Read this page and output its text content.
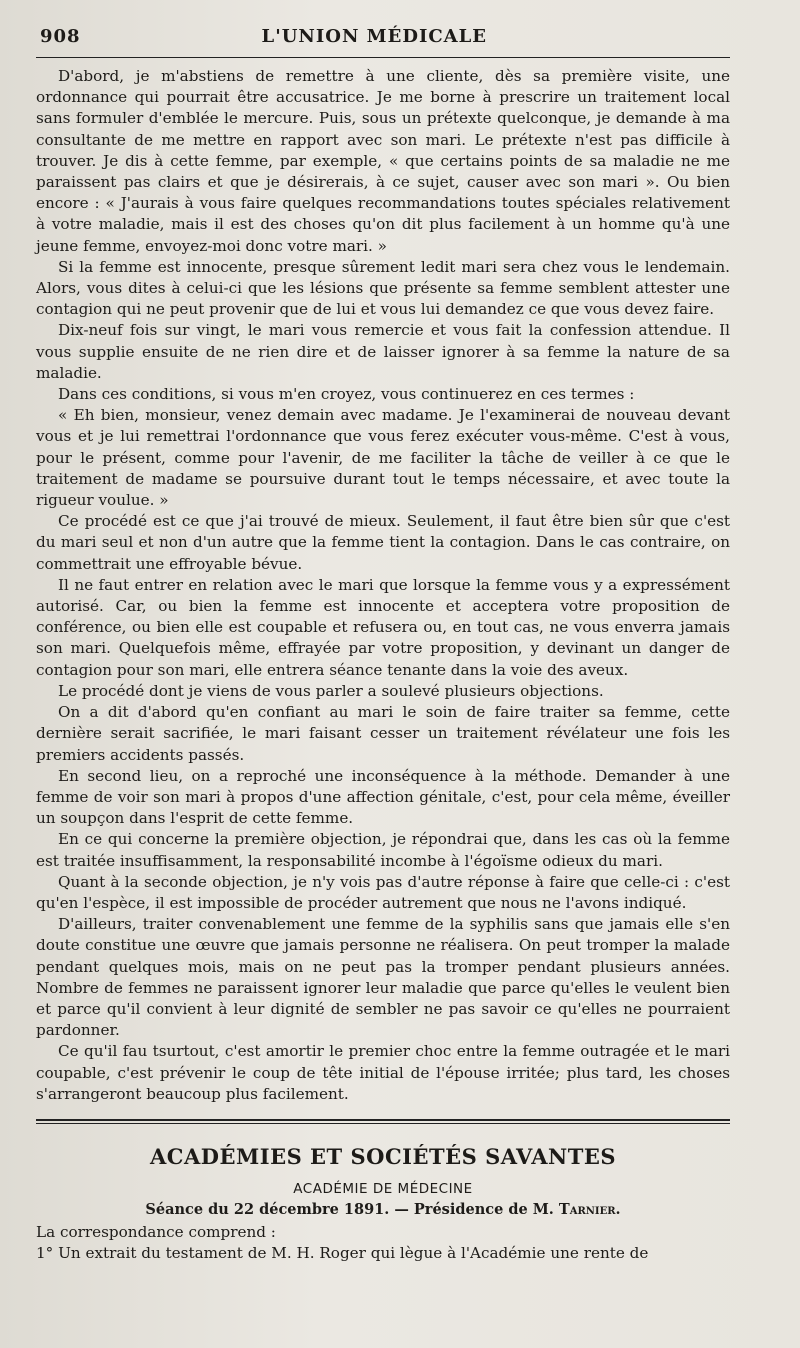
908	L'UNION MÉDICALE

D'abord, je m'abstiens de remettre à une cliente, dès sa première visite, une ordonnance qui pourrait être accusatrice. Je me borne à prescrire un traitement local sans formuler d'emblée le mercure. Puis, sous un prétexte quelconque, je demande à ma consultante de me mettre en rapport avec son mari. Le prétexte n'est pas difficile à trouver. Je dis à cette femme, par exemple, « que certains points de sa maladie ne me paraissent pas clairs et que je désirerais, à ce sujet, causer avec son mari ». Ou bien encore : « J'aurais à vous faire quelques recommandations toutes spéciales relativement à votre maladie, mais il est des choses qu'on dit plus facilement à un homme qu'à une jeune femme, envoyez-moi donc votre mari. »

Si la femme est innocente, presque sûrement ledit mari sera chez vous le lendemain. Alors, vous dites à celui-ci que les lésions que présente sa femme semblent attester une contagion qui ne peut provenir que de lui et vous lui demandez ce que vous devez faire.

Dix-neuf fois sur vingt, le mari vous remercie et vous fait la confession attendue. Il vous supplie ensuite de ne rien dire et de laisser ignorer à sa femme la nature de sa maladie.

Dans ces conditions, si vous m'en croyez, vous continuerez en ces termes :

« Eh bien, monsieur, venez demain avec madame. Je l'examinerai de nouveau devant vous et je lui remettrai l'ordonnance que vous ferez exécuter vous-même. C'est à vous, pour le présent, comme pour l'avenir, de me faciliter la tâche de veiller à ce que le traitement de madame se poursuive durant tout le temps nécessaire, et avec toute la rigueur voulue. »

Ce procédé est ce que j'ai trouvé de mieux. Seulement, il faut être bien sûr que c'est du mari seul et non d'un autre que la femme tient la contagion. Dans le cas contraire, on commettrait une effroyable bévue.

Il ne faut entrer en relation avec le mari que lorsque la femme vous y a expressément autorisé. Car, ou bien la femme est innocente et acceptera votre proposition de conférence, ou bien elle est coupable et refusera ou, en tout cas, ne vous enverra jamais son mari. Quelquefois même, effrayée par votre proposition, y devinant un danger de contagion pour son mari, elle entrera séance tenante dans la voie des aveux.

Le procédé dont je viens de vous parler a soulevé plusieurs objections.

On a dit d'abord qu'en confiant au mari le soin de faire traiter sa femme, cette dernière serait sacrifiée, le mari faisant cesser un traitement révélateur une fois les premiers accidents passés.

En second lieu, on a reproché une inconséquence à la méthode. Demander à une femme de voir son mari à propos d'une affection génitale, c'est, pour cela même, éveiller un soupçon dans l'esprit de cette femme.

En ce qui concerne la première objection, je répondrai que, dans les cas où la femme est traitée insuffisamment, la responsabilité incombe à l'égoïsme odieux du mari.

Quant à la seconde objection, je n'y vois pas d'autre réponse à faire que celle-ci : c'est qu'en l'espèce, il est impossible de procéder autrement que nous ne l'avons indiqué.

D'ailleurs, traiter convenablement une femme de la syphilis sans que jamais elle s'en doute constitue une œuvre que jamais personne ne réalisera. On peut tromper la malade pendant quelques mois, mais on ne peut pas la tromper pendant plusieurs années. Nombre de femmes ne paraissent ignorer leur maladie que parce qu'elles le veulent bien et parce qu'il convient à leur dignité de sembler ne pas savoir ce qu'elles ne pourraient pardonner.

Ce qu'il fau tsurtout, c'est amortir le premier choc entre la femme outragée et le mari coupable, c'est prévenir le coup de tête initial de l'épouse irritée; plus tard, les choses s'arrangeront beaucoup plus facilement.

ACADÉMIES ET SOCIÉTÉS SAVANTES
ACADÉMIE DE MÉDECINE
Séance du 22 décembre 1891. — Présidence de M. Tarnier.

La correspondance comprend :

1° Un extrait du testament de M. H. Roger qui lègue à l'Académie une rente de
